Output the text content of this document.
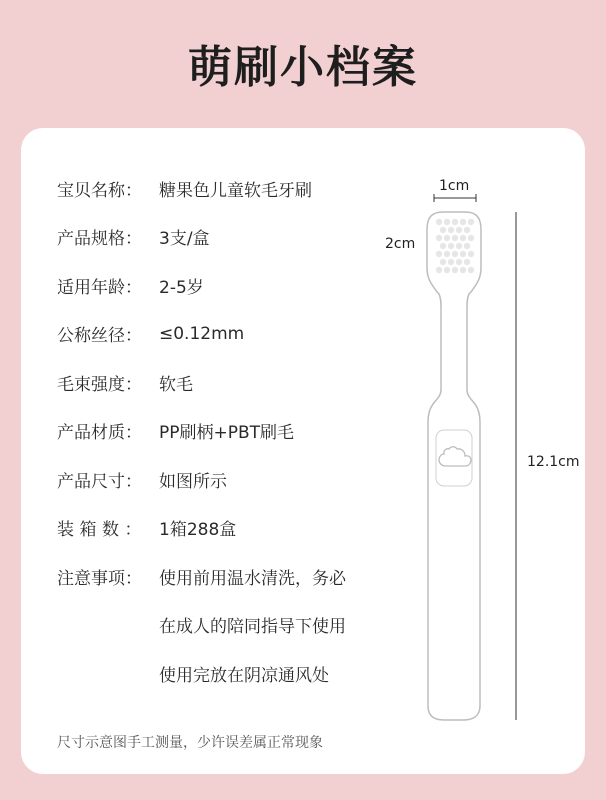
萌刷小档案
宝贝名称：	糖果色儿童软毛牙刷
产品规格：	3支/盒
适用年龄：	2-5岁
公称丝径：	≤0.12mm
毛束强度：	软毛
产品材质：	PP刷柄+PBT刷毛
产品尺寸：	如图所示
装箱数： 1箱288盒
注意事项：	使用前用温水清洗，务必
在成人的陪同指导下使用
使用完放在阴凉通风处
尺寸示意图手工测量，少许误差属正常现象
1cm
2cm
12.1cm
